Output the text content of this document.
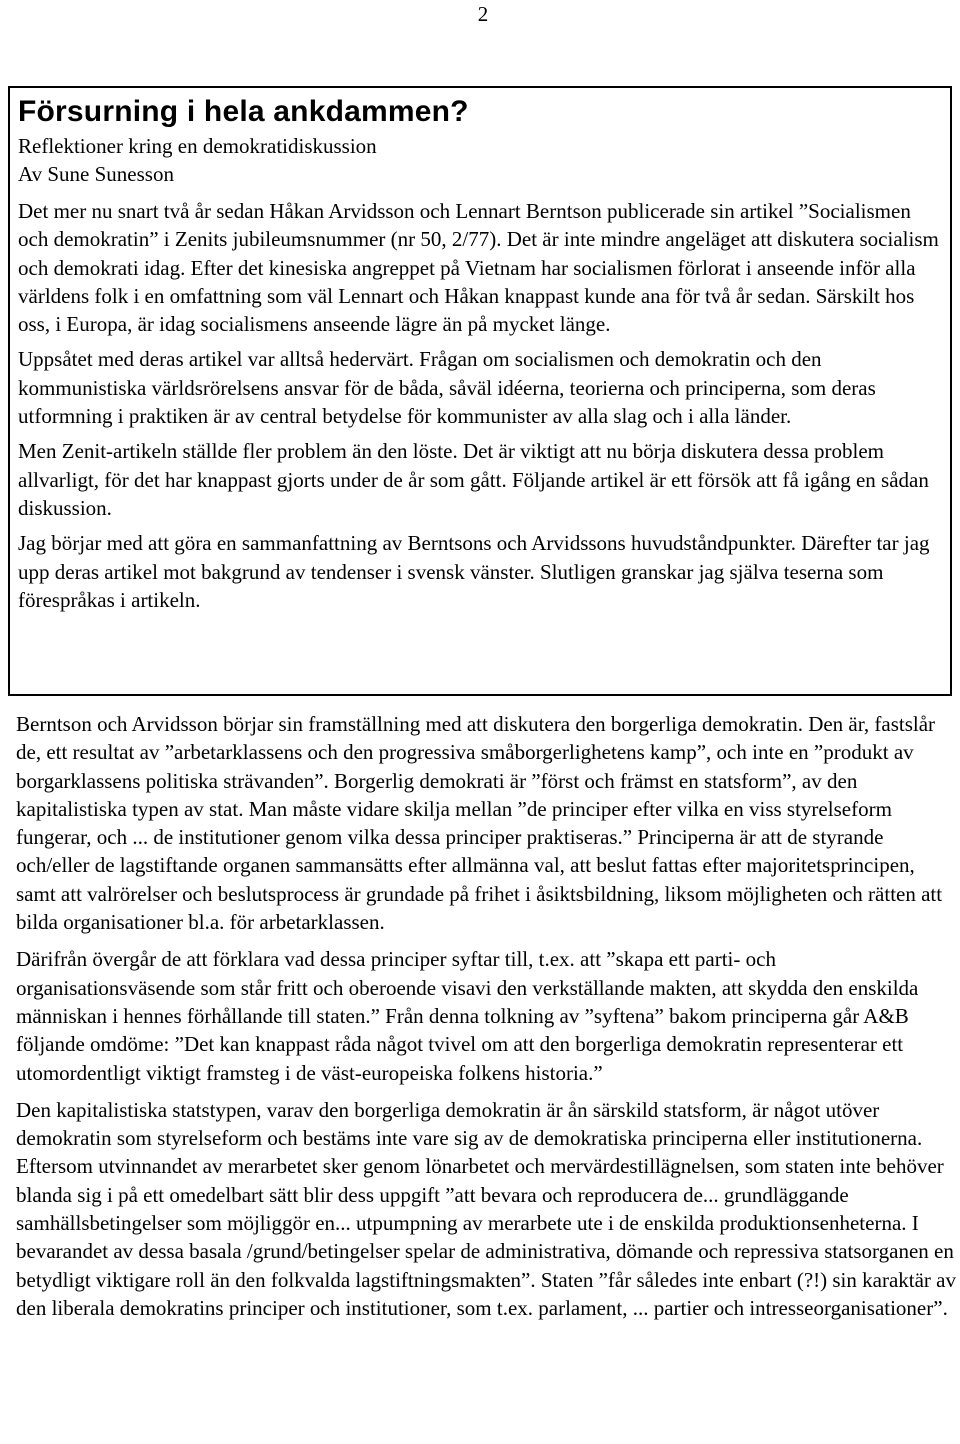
2
Försurning i hela ankdammen?
Reflektioner kring en demokratidiskussion
Av Sune Sunesson

Det mer nu snart två år sedan Håkan Arvidsson och Lennart Berntson publicerade sin artikel ”Socialismen och demokratin” i Zenits jubileumsnummer (nr 50, 2/77). Det är inte mindre angeläget att diskutera socialism och demokrati idag. Efter det kinesiska angreppet på Vietnam har socialismen förlorat i anseende inför alla världens folk i en omfattning som väl Lennart och Håkan knappast kunde ana för två år sedan. Särskilt hos oss, i Europa, är idag socialismens anseende lägre än på mycket länge.

Uppsåtet med deras artikel var alltså hedervärt. Frågan om socialismen och demokratin och den kommunistiska världsrörelsens ansvar för de båda, såväl idéerna, teorierna och principerna, som deras utformning i praktiken är av central betydelse för kommunister av alla slag och i alla länder.

Men Zenit-artikeln ställde fler problem än den löste. Det är viktigt att nu börja diskutera dessa problem allvarligt, för det har knappast gjorts under de år som gått. Följande artikel är ett försök att få igång en sådan diskussion.

Jag börjar med att göra en sammanfattning av Berntsons och Arvidssons huvudståndpunkter. Därefter tar jag upp deras artikel mot bakgrund av tendenser i svensk vänster. Slutligen granskar jag själva teserna som förespråkas i artikeln.

Berntson och Arvidsson börjar sin framställning med att diskutera den borgerliga demokratin. Den är, fastslår de, ett resultat av ”arbetarklassens och den progressiva småborgerlighetens kamp”, och inte en ”produkt av borgarklassens politiska strävanden”. Borgerlig demokrati är ”först och främst en statsform”, av den kapitalistiska typen av stat. Man måste vidare skilja mellan ”de principer efter vilka en viss styrelseform fungerar, och ... de institutioner genom vilka dessa principer praktiseras.” Principerna är att de styrande och/eller de lagstiftande organen sammansätts efter allmänna val, att beslut fattas efter majoritetsprincipen, samt att valrörelser och beslutsprocess är grundade på frihet i åsiktsbildning, liksom möjligheten och rätten att bilda organisationer bl.a. för arbetarklassen.

Därifrån övergår de att förklara vad dessa principer syftar till, t.ex. att ”skapa ett parti- och organisationsväsende som står fritt och oberoende visavi den verkställande makten, att skydda den enskilda människan i hennes förhållande till staten.” Från denna tolkning av ”syftena” bakom principerna går A&B följande omdöme: ”Det kan knappast råda något tvivel om att den borgerliga demokratin representerar ett utomordentligt viktigt framsteg i de väst-europeiska folkens historia.”

Den kapitalistiska statstypen, varav den borgerliga demokratin är ån särskild statsform, är något utöver demokratin som styrelseform och bestäms inte vare sig av de demokratiska principerna eller institutionerna. Eftersom utvinnandet av merarbetet sker genom lönarbetet och mervärdestillägnelsen, som staten inte behöver blanda sig i på ett omedelbart sätt blir dess uppgift ”att bevara och reproducera de... grundläggande samhällsbetingelser som möjliggör en... utpumpning av merarbete ute i de enskilda produktionsenheterna. I bevarandet av dessa basala /grund/betingelser spelar de administrativa, dömande och repressiva statsorganen en betydligt viktigare roll än den folkvalda lagstiftningsmakten”. Staten ”får således inte enbart (?!) sin karaktär av den liberala demokratins principer och institutioner, som t.ex. parlament, ... partier och intresseorganisationer”.
